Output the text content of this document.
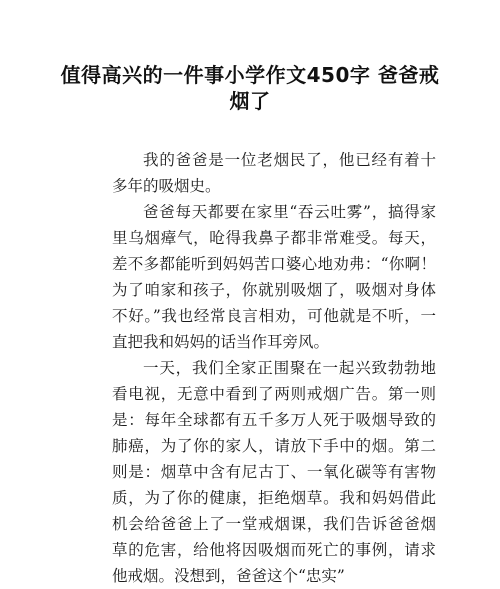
值得高兴的一件事小学作文450字 爸爸戒烟了

我的爸爸是一位老烟民了，他已经有着十多年的吸烟史。

爸爸每天都要在家里“吞云吐雾”，搞得家里乌烟瘴气，呛得我鼻子都非常难受。每天，差不多都能听到妈妈苦口婆心地劝弗：“你啊！为了咱家和孩子，你就别吸烟了，吸烟对身体不好。”我也经常良言相劝，可他就是不听，一直把我和妈妈的话当作耳旁风。

一天，我们全家正围聚在一起兴致勃勃地看电视，无意中看到了两则戒烟广告。第一则是：每年全球都有五千多万人死于吸烟导致的肺癌，为了你的家人，请放下手中的烟。第二则是：烟草中含有尼古丁、一氧化碳等有害物质，为了你的健康，拒绝烟草。我和妈妈借此机会给爸爸上了一堂戒烟课，我们告诉爸爸烟草的危害，给他将因吸烟而死亡的事例，请求他戒烟。没想到，爸爸这个“忠实”
